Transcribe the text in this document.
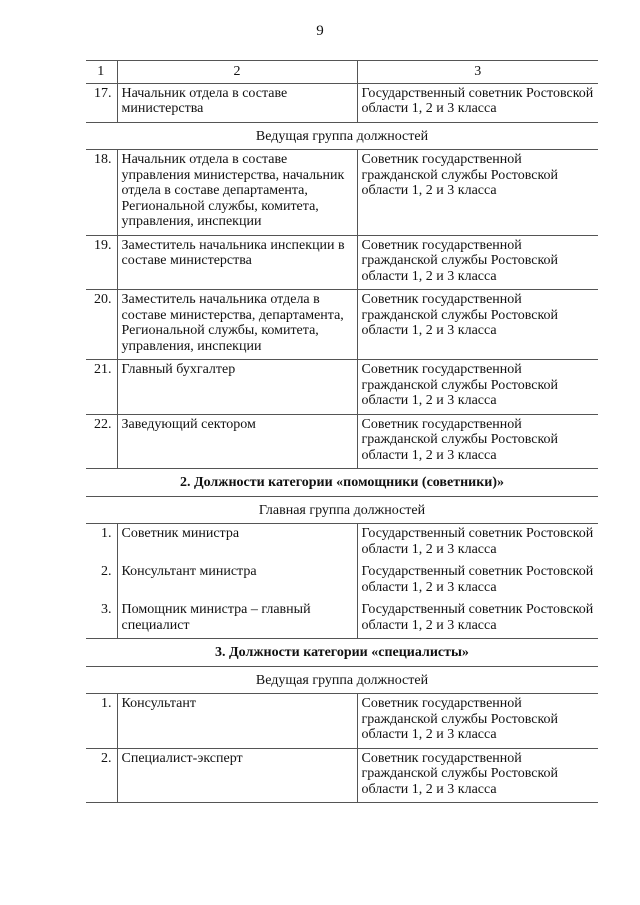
9
1	2	3
17.	Начальник отдела в составе министерства	Государственный советник Ростовской области 1, 2 и 3 класса
Ведущая группа должностей		
18.	Начальник отдела в составе управления министерства, начальник отдела в составе департамента, Региональной службы, комитета, управления, инспекции	Советник государственной гражданской службы Ростовской области 1, 2 и 3 класса
19.	Заместитель начальника инспекции в составе министерства	Советник государственной гражданской службы Ростовской области 1, 2 и 3 класса
20.	Заместитель начальника отдела в составе министерства, департамента, Региональной службы, комитета, управления, инспекции	Советник государственной гражданской службы Ростовской области 1, 2 и 3 класса
21.	Главный бухгалтер	Советник государственной гражданской службы Ростовской области 1, 2 и 3 класса
22.	Заведующий сектором	Советник государственной гражданской службы Ростовской области 1, 2 и 3 класса
2. Должности категории «помощники (советники)»		
Главная группа должностей		
1.	Советник министра	Государственный советник Ростовской области 1, 2 и 3 класса
2.	Консультант министра	Государственный советник Ростовской области 1, 2 и 3 класса
3.	Помощник министра – главный специалист	Государственный советник Ростовской области 1, 2 и 3 класса
3. Должности категории «специалисты»		
Ведущая группа должностей		
1.	Консультант	Советник государственной гражданской службы Ростовской области 1, 2 и 3 класса
2.	Специалист-эксперт	Советник государственной гражданской службы Ростовской области 1, 2 и 3 класса
